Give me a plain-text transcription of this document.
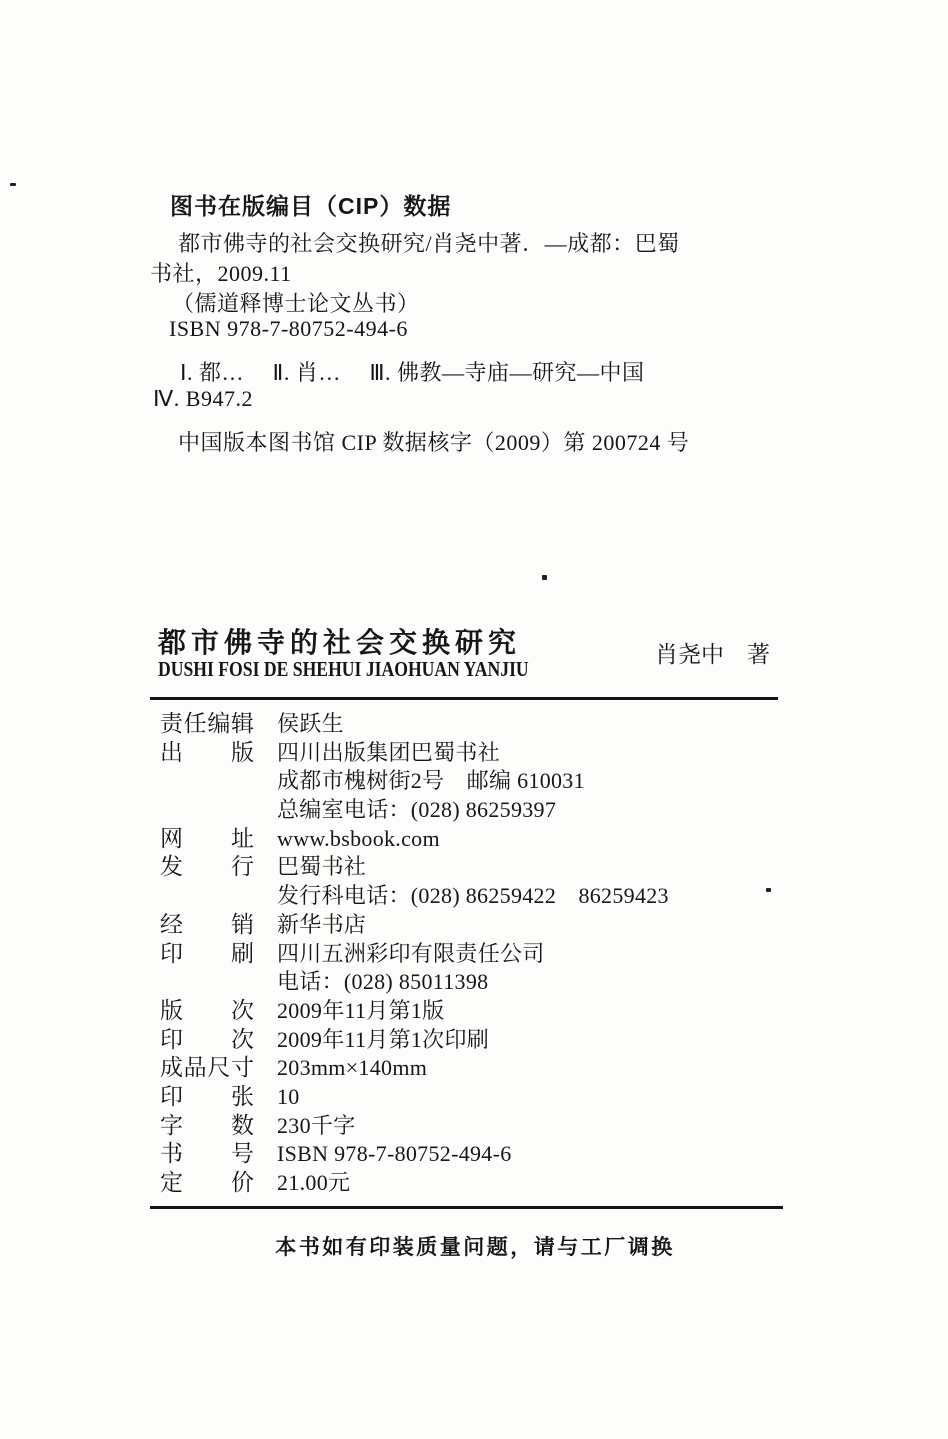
图书在版编目（CIP）数据
都市佛寺的社会交换研究/肖尧中著．—成都：巴蜀
书社，2009.11
（儒道释博士论文丛书）
ISBN 978-7-80752-494-6
Ⅰ. 都…　 Ⅱ. 肖…　 Ⅲ. 佛教—寺庙—研究—中国
Ⅳ. B947.2
中国版本图书馆 CIP 数据核字（2009）第 200724 号
都市佛寺的社会交换研究
DUSHI FOSI DE SHEHUI JIAOHUAN YANJIU
肖尧中　著
责任编辑 侯跃生
出版 四川出版集团巴蜀书社
成都市槐树街2号　邮编 610031
总编室电话：(028) 86259397
网址 www.bsbook.com
发行 巴蜀书社
发行科电话：(028) 86259422　86259423
经销 新华书店
印刷 四川五洲彩印有限责任公司
电话：(028) 85011398
版次 2009年11月第1版
印次 2009年11月第1次印刷
成品尺寸 203mm×140mm
印张 10
字数 230千字
书号 ISBN 978-7-80752-494-6
定价 21.00元
本书如有印装质量问题，请与工厂调换
